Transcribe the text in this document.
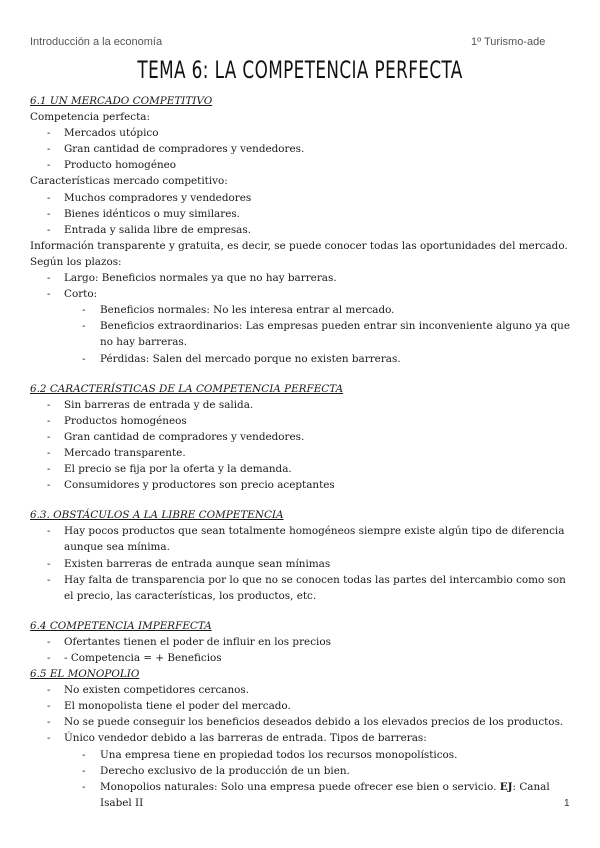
Introducción a la economía	1º Turismo-ade
TEMA 6: LA COMPETENCIA PERFECTA

6.1 UN MERCADO COMPETITIVO

Competencia perfecta:

- Mercados utópico
- Gran cantidad de compradores y vendedores.
- Producto homogéneo

Características mercado competitivo:

- Muchos compradores y vendedores
- Bienes idénticos o muy similares.
- Entrada y salida libre de empresas.

Información transparente y gratuita, es decir, se puede conocer todas las oportunidades del mercado.

Según los plazos:

- Largo: Beneficios normales ya que no hay barreras.
- Corto:
- Beneficios normales: No les interesa entrar al mercado.
- Beneficios extraordinarios: Las empresas pueden entrar sin inconveniente alguno ya que no hay barreras.
- Pérdidas: Salen del mercado porque no existen barreras.

6.2 CARACTERÍSTICAS DE LA COMPETENCIA PERFECTA

- Sin barreras de entrada y de salida.
- Productos homogéneos
- Gran cantidad de compradores y vendedores.
- Mercado transparente.
- El precio se fija por la oferta y la demanda.
- Consumidores y productores son precio aceptantes

6.3. OBSTÁCULOS A LA LIBRE COMPETENCIA

- Hay pocos productos que sean totalmente homogéneos siempre existe algún tipo de diferencia aunque sea mínima.
- Existen barreras de entrada aunque sean mínimas
- Hay falta de transparencia por lo que no se conocen todas las partes del intercambio como son el precio, las características, los productos, etc.

6.4 COMPETENCIA IMPERFECTA

- Ofertantes tienen el poder de influir en los precios
- - Competencia = + Beneficios

6.5 EL MONOPOLIO

- No existen competidores cercanos.
- El monopolista tiene el poder del mercado.
- No se puede conseguir los beneficios deseados debido a los elevados precios de los productos.
- Único vendedor debido a las barreras de entrada. Tipos de barreras:
- Una empresa tiene en propiedad todos los recursos monopolísticos.
- Derecho exclusivo de la producción de un bien.
- Monopolios naturales: Solo una empresa puede ofrecer ese bien o servicio. EJ: Canal Isabel II	1
